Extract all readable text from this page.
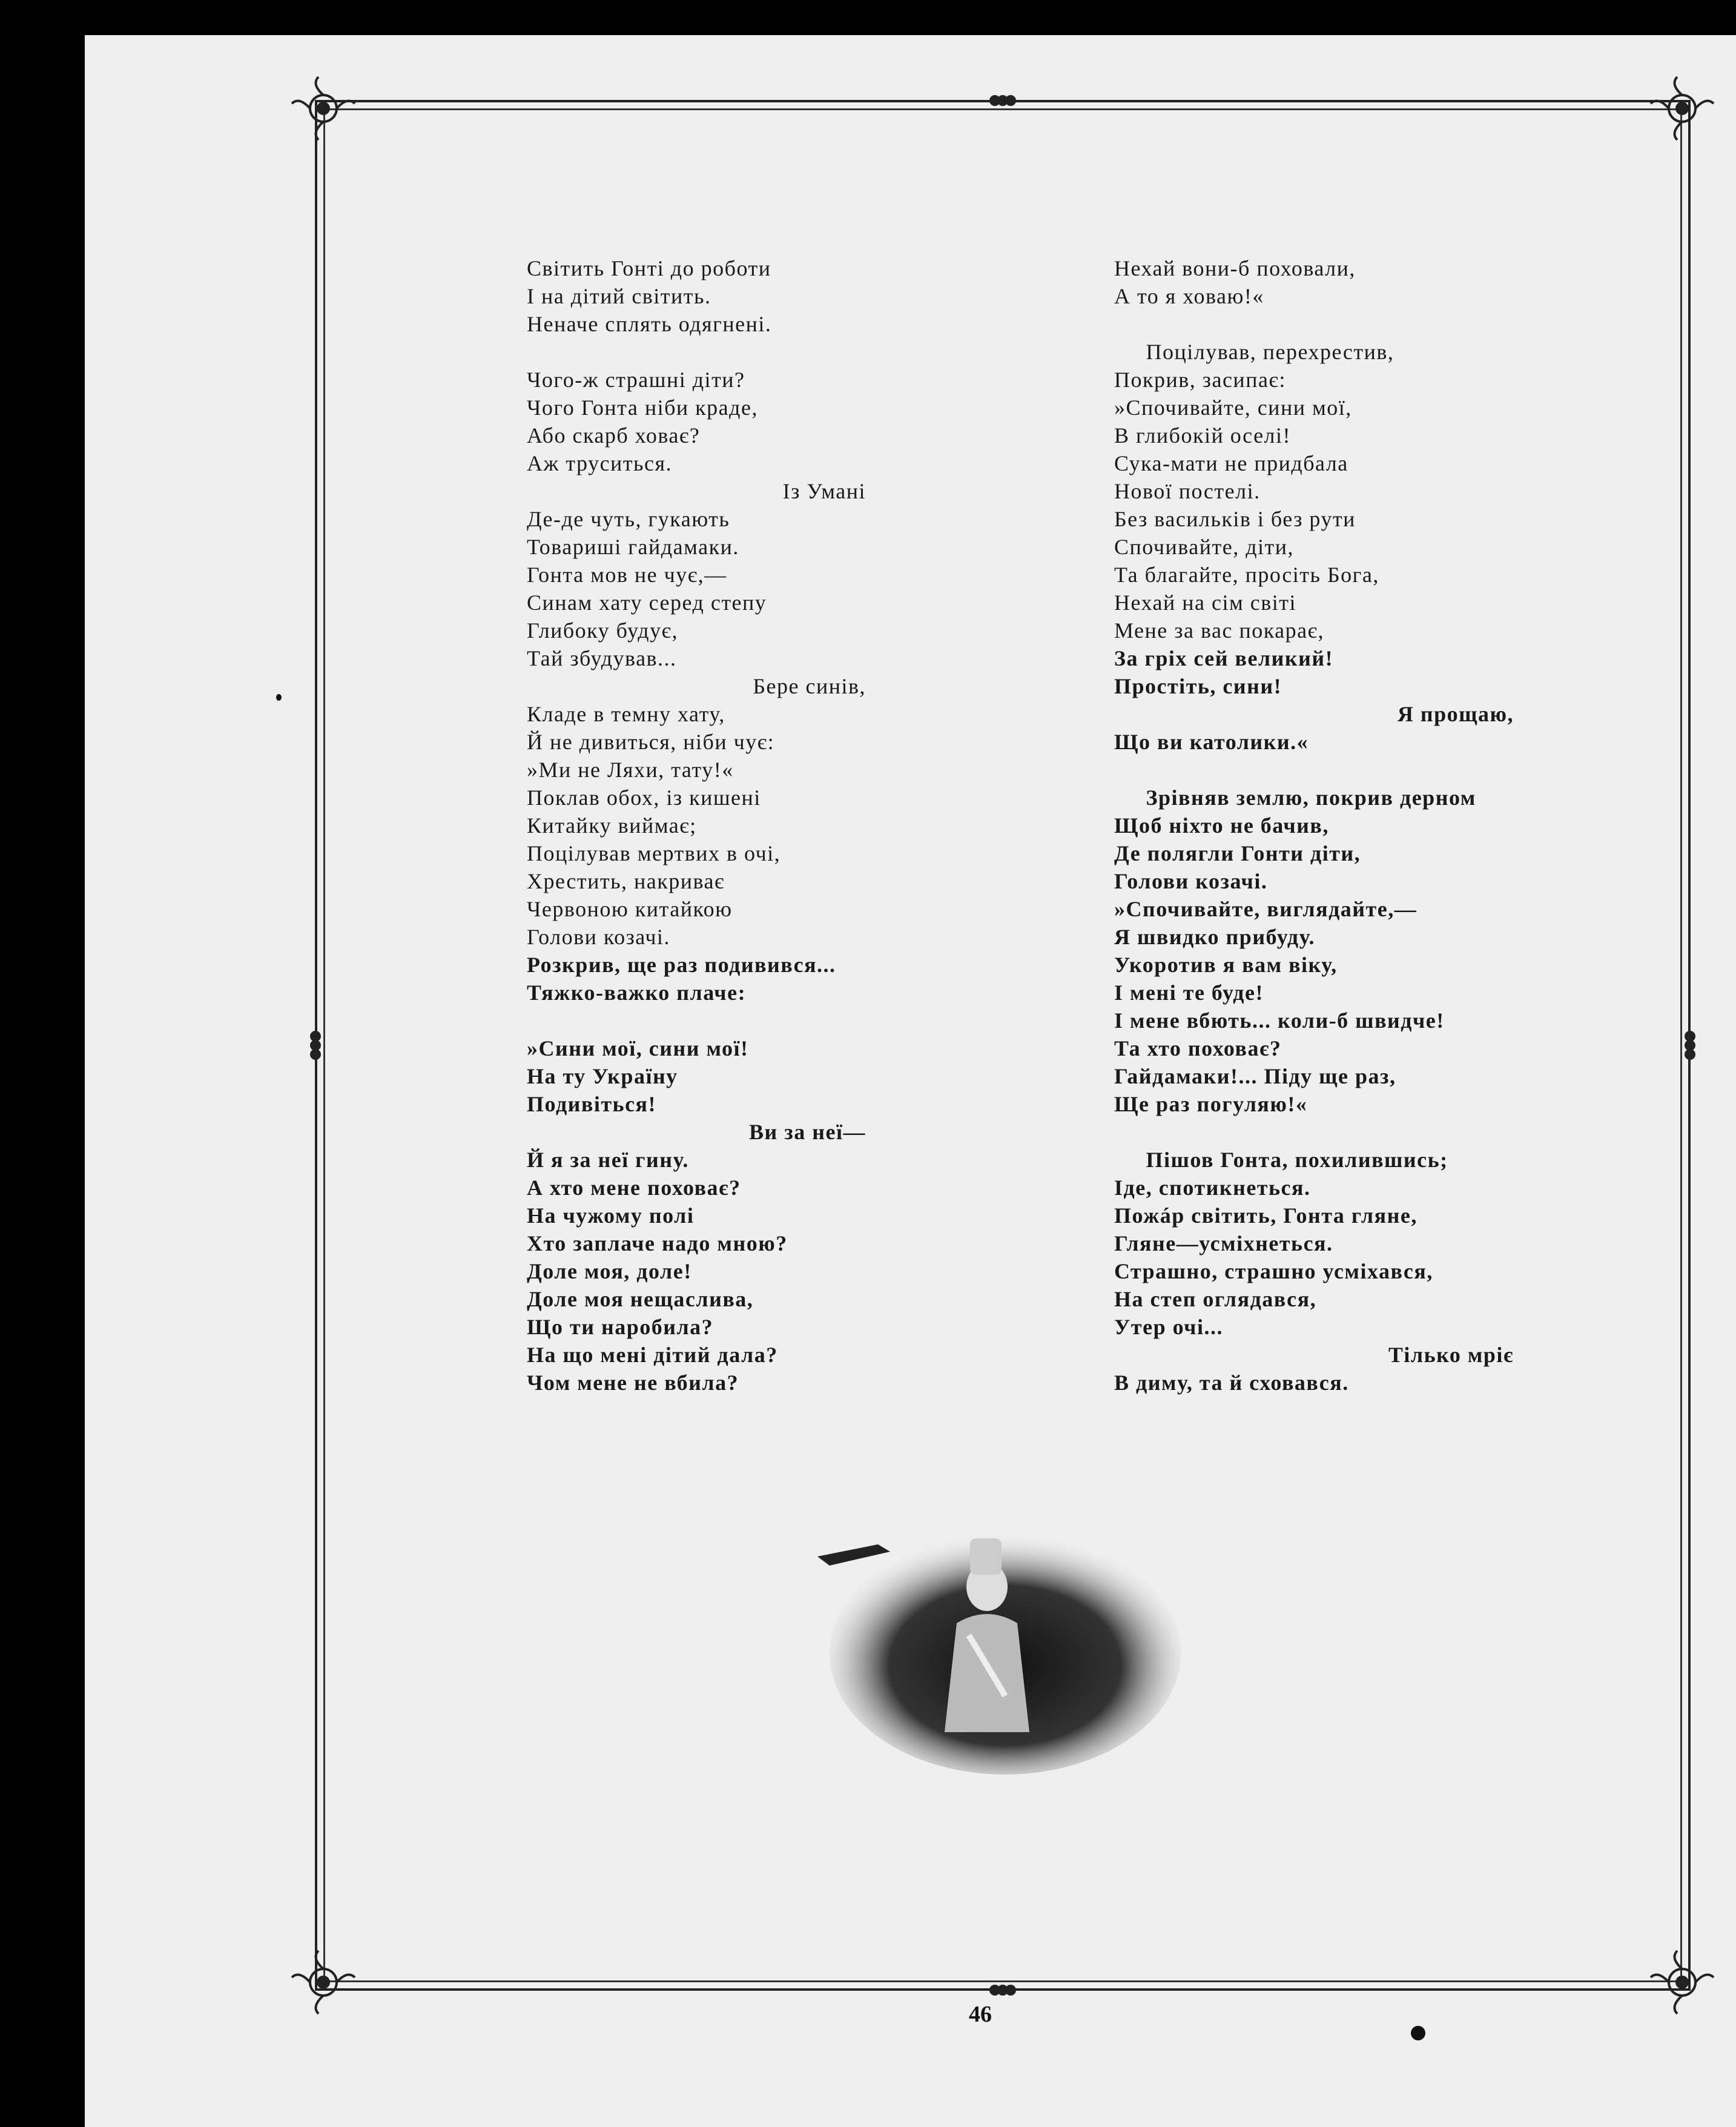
Світить Гонті до роботи
І на дітий світить.
Неначе сплять одягнені.
Чого-ж страшні діти?
Чого Гонта ніби краде,
Або скарб ховає?
Аж труситься.
Із Умані
Де-де чуть, гукають
Товариші гайдамаки.
Гонта мов не чує,—
Синам хату серед степу
Глибоку будує,
Тай збудував...
Бере синів,
Кладе в темну хату,
Й не дивиться, ніби чує:
»Ми не Ляхи, тату!«
Поклав обох, із кишені
Китайку виймає;
Поцілував мертвих в очі,
Хрестить, накриває
Червоною китайкою
Голови козачі.
Розкрив, ще раз подивився...
Тяжко-важко плаче:
»Сини мої, сини мої!
На ту Україну
Подивіться!
Ви за неї—
Й я за неї гину.
А хто мене поховає?
На чужому полі
Хто заплаче надо мною?
Доле моя, доле!
Доле моя нещаслива,
Що ти наробила?
На що мені дітий дала?
Чом мене не вбила?
Нехай вони-б поховали,
А то я ховаю!«
Поцілував, перехрестив,
Покрив, засипає:
»Спочивайте, сини мої,
В глибокій оселі!
Сука-мати не придбала
Нової постелі.
Без васильків і без рути
Спочивайте, діти,
Та благайте, просіть Бога,
Нехай на сім світі
Мене за вас покарає,
За гріх сей великий!
Простіть, сини!
Я прощаю,
Що ви католики.«
Зрівняв землю, покрив дерном
Щоб ніхто не бачив,
Де полягли Гонти діти,
Голови козачі.
»Спочивайте, виглядайте,—
Я швидко прибуду.
Укоротив я вам віку,
І мені те буде!
І мене вбють... коли-б швидче!
Та хто поховає?
Гайдамаки!... Піду ще раз,
Ще раз погуляю!«
Пішов Гонта, похилившись;
Іде, спотикнеться.
Пожáр світить, Гонта гляне,
Гляне—усміхнеться.
Страшно, страшно усміхався,
На степ оглядався,
Утер очі...
Тілько мріє
В диму, та й сховався.
46
